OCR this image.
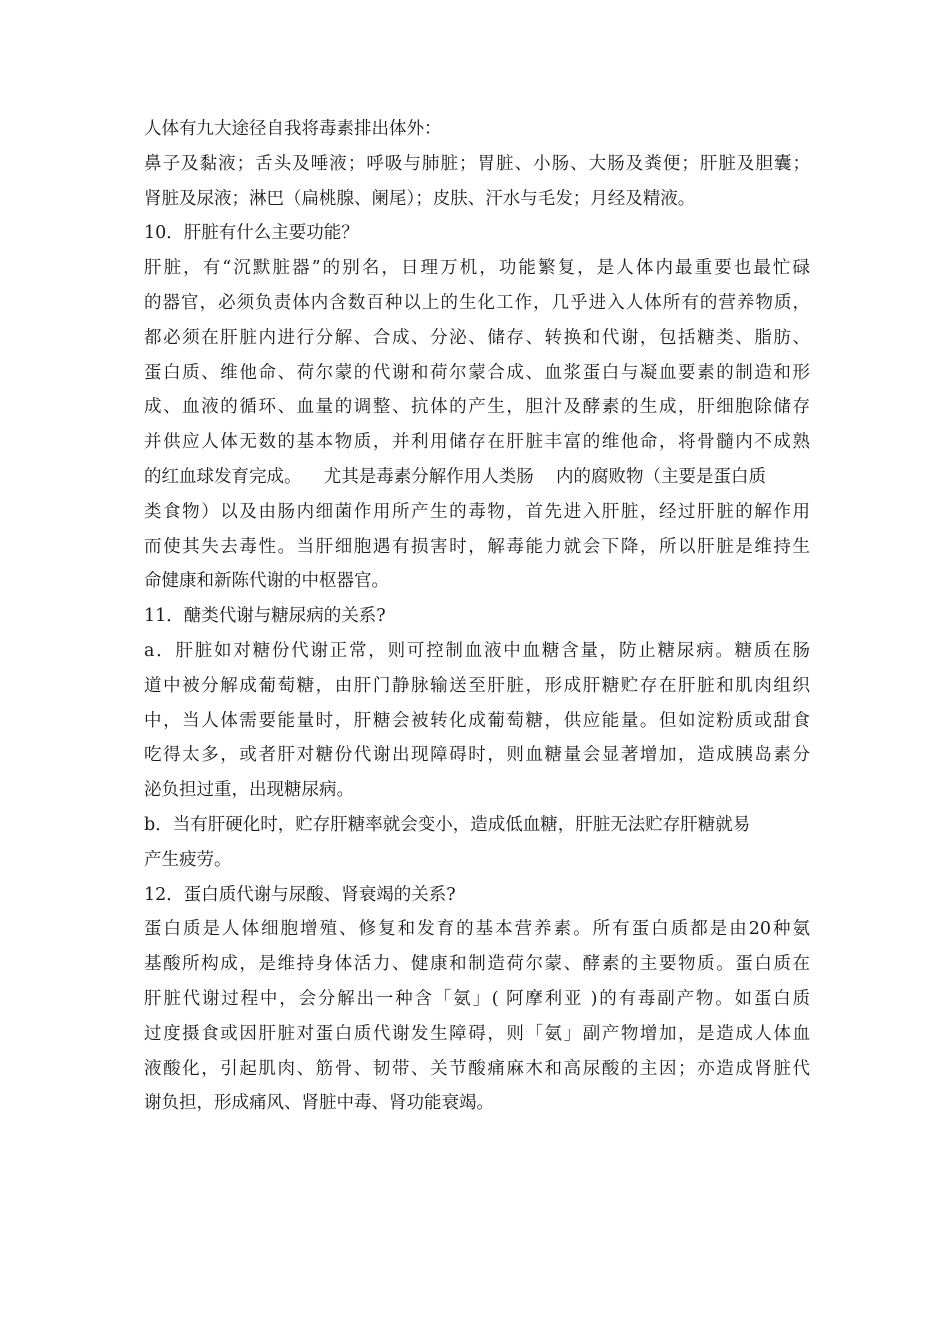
人体有九大途径自我将毒素排出体外：
鼻子及黏液；舌头及唾液；呼吸与肺脏；胃脏、小肠、大肠及粪便；肝脏及胆囊；
肾脏及尿液；淋巴（扁桃腺、阑尾）；皮肤、汗水与毛发；月经及精液。
10．肝脏有什么主要功能？
肝脏，有“沉默脏器”的别名，日理万机，功能繁复，是人体内最重要也最忙碌
的器官，必须负责体内含数百种以上的生化工作，几乎进入人体所有的营养物质，
都必须在肝脏内进行分解、合成、分泌、储存、转换和代谢，包括糖类、脂肪、
蛋白质、维他命、荷尔蒙的代谢和荷尔蒙合成、血浆蛋白与凝血要素的制造和形
成、血液的循环、血量的调整、抗体的产生，胆汁及酵素的生成，肝细胞除储存
并供应人体无数的基本物质，并利用储存在肝脏丰富的维他命，将骨髓内不成熟
的红血球发育完成。    尤其是毒素分解作用人类肠    内的腐败物（主要是蛋白质
类食物）以及由肠内细菌作用所产生的毒物，首先进入肝脏，经过肝脏的解作用
而使其失去毒性。当肝细胞遇有损害时，解毒能力就会下降，所以肝脏是维持生
命健康和新陈代谢的中枢器官。
11．醣类代谢与糖尿病的关系?
a．肝脏如对糖份代谢正常，则可控制血液中血糖含量，防止糖尿病。糖质在肠
道中被分解成葡萄糖，由肝门静脉输送至肝脏，形成肝糖贮存在肝脏和肌肉组织
中，当人体需要能量时，肝糖会被转化成葡萄糖，供应能量。但如淀粉质或甜食
吃得太多，或者肝对糖份代谢出现障碍时，则血糖量会显著增加，造成胰岛素分
泌负担过重，出现糖尿病。
b．当有肝硬化时，贮存肝糖率就会变小，造成低血糖，肝脏无法贮存肝糖就易
产生疲劳。
12．蛋白质代谢与尿酸、肾衰竭的关系?
蛋白质是人体细胞增殖、修复和发育的基本营养素。所有蛋白质都是由20种氨
基酸所构成，是维持身体活力、健康和制造荷尔蒙、酵素的主要物质。蛋白质在
肝脏代谢过程中，会分解出一种含「氨」( 阿摩利亚 )的有毒副产物。如蛋白质
过度摄食或因肝脏对蛋白质代谢发生障碍，则「氨」副产物增加，是造成人体血
液酸化，引起肌肉、筋骨、韧带、关节酸痛麻木和高尿酸的主因；亦造成肾脏代
谢负担，形成痛风、肾脏中毒、肾功能衰竭。
